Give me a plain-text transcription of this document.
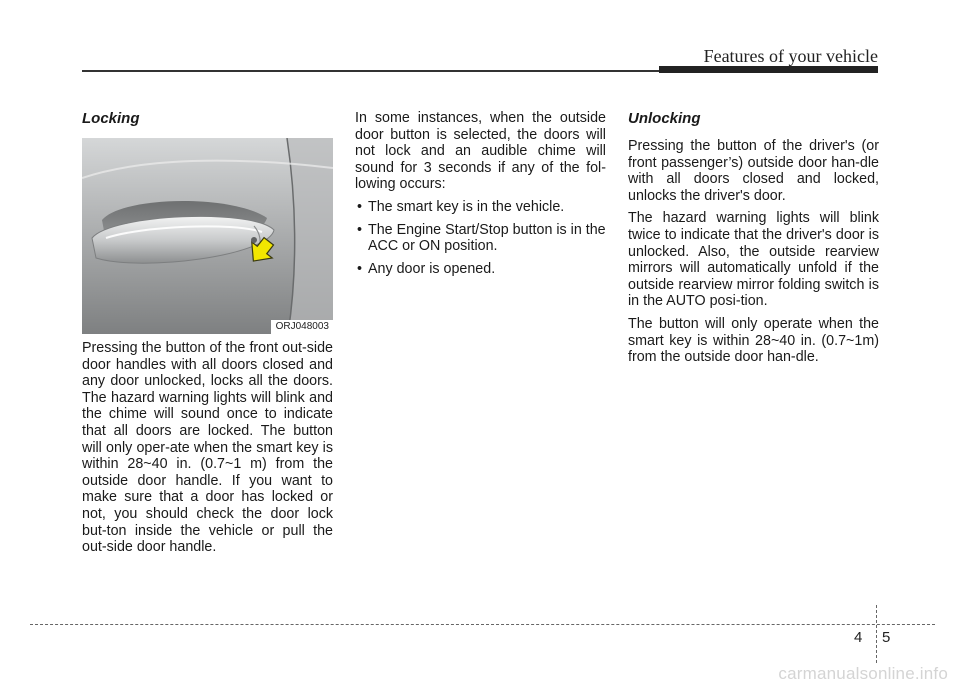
Features of your vehicle
Locking
ORJ048003

Pressing the button of the front out-side door handles with all doors closed and any door unlocked, locks all the doors. The hazard warning lights will blink and the chime will sound once to indicate that all doors are locked. The button will only oper-ate when the smart key is within 28~40 in. (0.7~1 m) from the outside door handle. If you want to make sure that a door has locked or not, you should check the door lock but-ton inside the vehicle or pull the out-side door handle.

In some instances, when the outside door button is selected, the doors will not lock and an audible chime will sound for 3 seconds if any of the fol-lowing occurs:

• The smart key is in the vehicle.
• The Engine Start/Stop button is in the ACC or ON position.
• Any door is opened.
Unlocking

Pressing the button of the driver's (or front passenger’s) outside door han-dle with all doors closed and locked, unlocks the driver's door.

The hazard warning lights will blink twice to indicate that the driver's door is unlocked. Also, the outside rearview mirrors will automatically unfold if the outside rearview mirror folding switch is in the AUTO posi-tion.

The button will only operate when the smart key is within 28~40 in. (0.7~1m) from the outside door han-dle.

4 5
carmanualsonline.info
